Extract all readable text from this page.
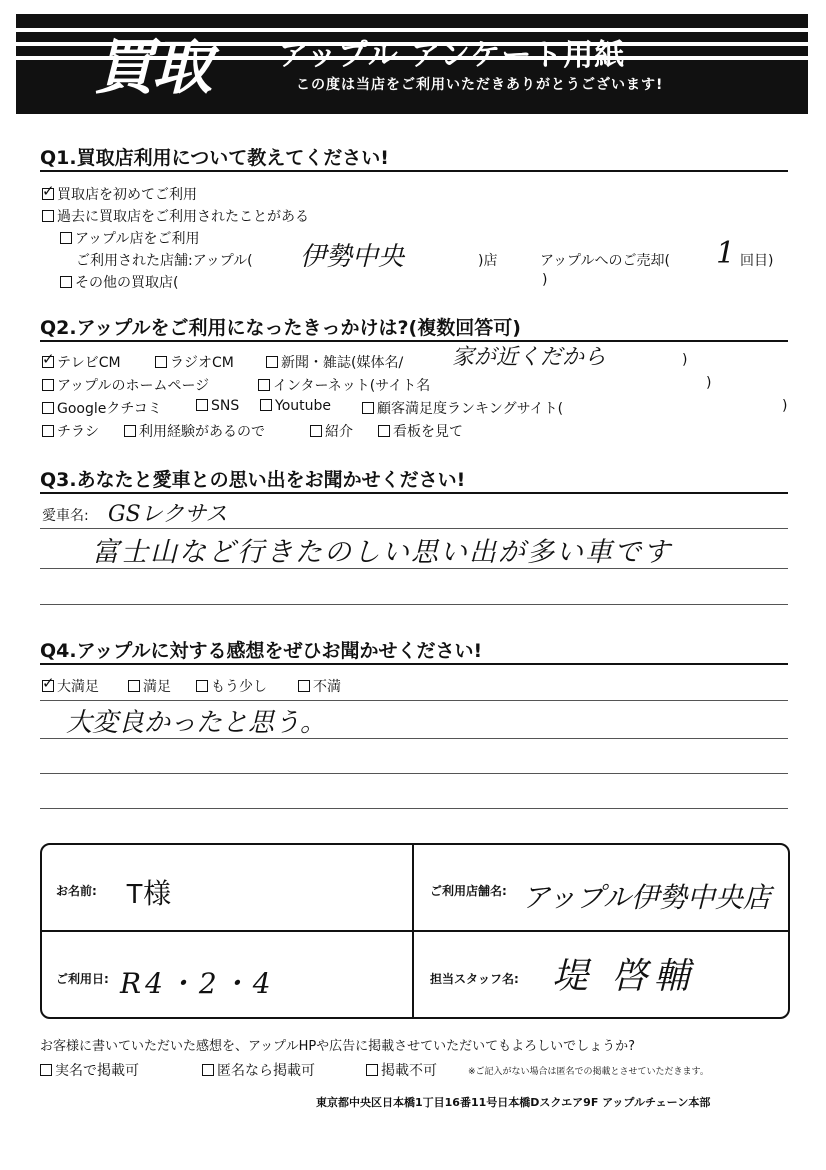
買取 アップル アンケート用紙
この度は当店をご利用いただきありがとうございます!
Q1.買取店利用について教えてください!
✓買取店を初めてご利用
過去に買取店をご利用されたことがある
アップル店をご利用
ご利用された店舗:アップル( 伊勢中央	)店	アップルへのご売却( 1 回目)
その他の買取店(	)
Q2.アップルをご利用になったきっかけは?(複数回答可)
✓テレビCM	ラジオCM	新聞・雑誌(媒体名/ 家が近くだから	)
アップルのホームページ	インターネット(サイト名	)
Googleクチコミ	SNS	Youtube	顧客満足度ランキングサイト(	)
チラシ	利用経験があるので	紹介	看板を見て
Q3.あなたと愛車との思い出をお聞かせください!
愛車名: GSレクサス
富士山など行きたのしい思い出が多い車です
Q4.アップルに対する感想をぜひお聞かせください!
✓大満足	満足	もう少し	不満
大変良かったと思う。
お名前: T様	ご利用店舗名: アップル伊勢中央店
ご利用日: R4・2・4	担当スタッフ名: 堤 啓輔
お客様に書いていただいた感想を、アップルHPや広告に掲載させていただいてもよろしいでしょうか?
実名で掲載可	匿名なら掲載可	掲載不可	※ご記入がない場合は匿名での掲載とさせていただきます。
東京都中央区日本橋1丁目16番11号日本橋Dスクエア9F アップルチェーン本部
